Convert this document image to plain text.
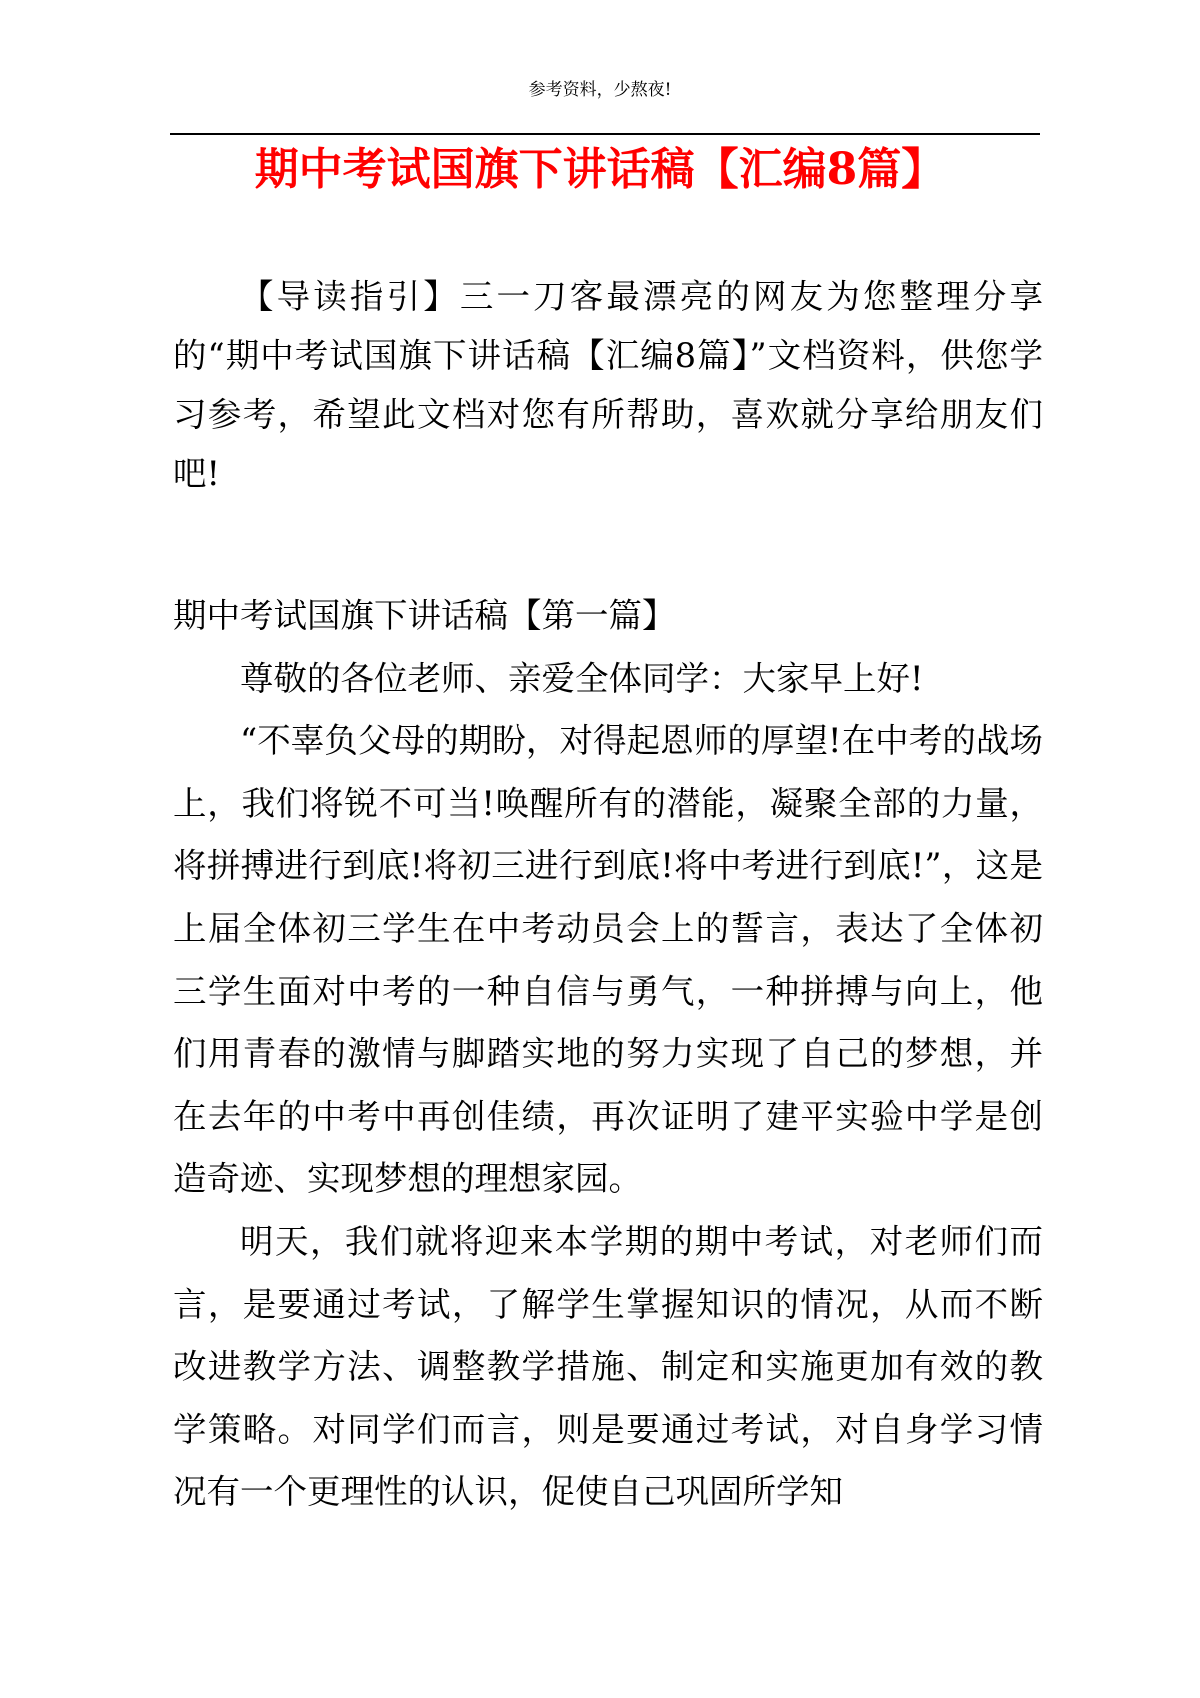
参考资料，少熬夜!
期中考试国旗下讲话稿【汇编8篇】

【导读指引】三一刀客最漂亮的网友为您整理分享的“期中考试国旗下讲话稿【汇编8篇】”文档资料，供您学习参考，希望此文档对您有所帮助，喜欢就分享给朋友们吧!

期中考试国旗下讲话稿【第一篇】

尊敬的各位老师、亲爱全体同学：大家早上好!

“不辜负父母的期盼，对得起恩师的厚望!在中考的战场上，我们将锐不可当!唤醒所有的潜能，凝聚全部的力量，将拼搏进行到底!将初三进行到底!将中考进行到底!”，这是上届全体初三学生在中考动员会上的誓言，表达了全体初三学生面对中考的一种自信与勇气，一种拼搏与向上，他们用青春的激情与脚踏实地的努力实现了自己的梦想，并在去年的中考中再创佳绩，再次证明了建平实验中学是创造奇迹、实现梦想的理想家园。

明天，我们就将迎来本学期的期中考试，对老师们而言，是要通过考试，了解学生掌握知识的情况，从而不断改进教学方法、调整教学措施、制定和实施更加有效的教学策略。对同学们而言，则是要通过考试，对自身学习情况有一个更理性的认识，促使自己巩固所学知
